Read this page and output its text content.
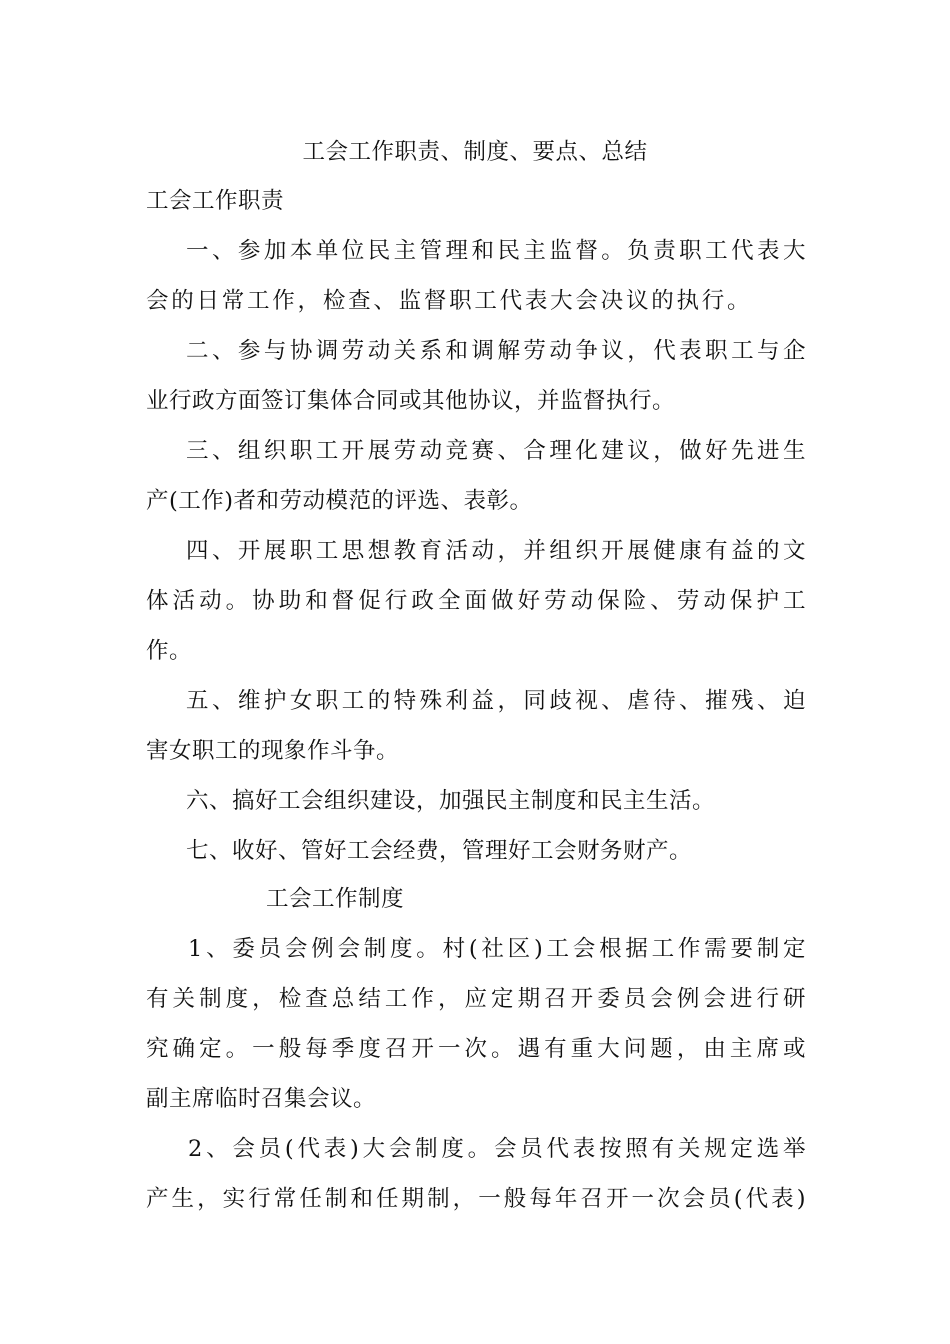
工会工作职责、制度、要点、总结
工会工作职责
一、参加本单位民主管理和民主监督。负责职工代表大
会的日常工作，检查、监督职工代表大会决议的执行。
二、参与协调劳动关系和调解劳动争议，代表职工与企
业行政方面签订集体合同或其他协议，并监督执行。
三、组织职工开展劳动竞赛、合理化建议，做好先进生
产(工作)者和劳动模范的评选、表彰。
四、开展职工思想教育活动，并组织开展健康有益的文
体活动。协助和督促行政全面做好劳动保险、劳动保护工
作。
五、维护女职工的特殊利益，同歧视、虐待、摧残、迫
害女职工的现象作斗争。
六、搞好工会组织建设，加强民主制度和民主生活。
七、收好、管好工会经费，管理好工会财务财产。
工会工作制度
1、委员会例会制度。村(社区)工会根据工作需要制定
有关制度，检查总结工作，应定期召开委员会例会进行研
究确定。一般每季度召开一次。遇有重大问题，由主席或
副主席临时召集会议。
2、会员(代表)大会制度。会员代表按照有关规定选举
产生，实行常任制和任期制，一般每年召开一次会员(代表)
